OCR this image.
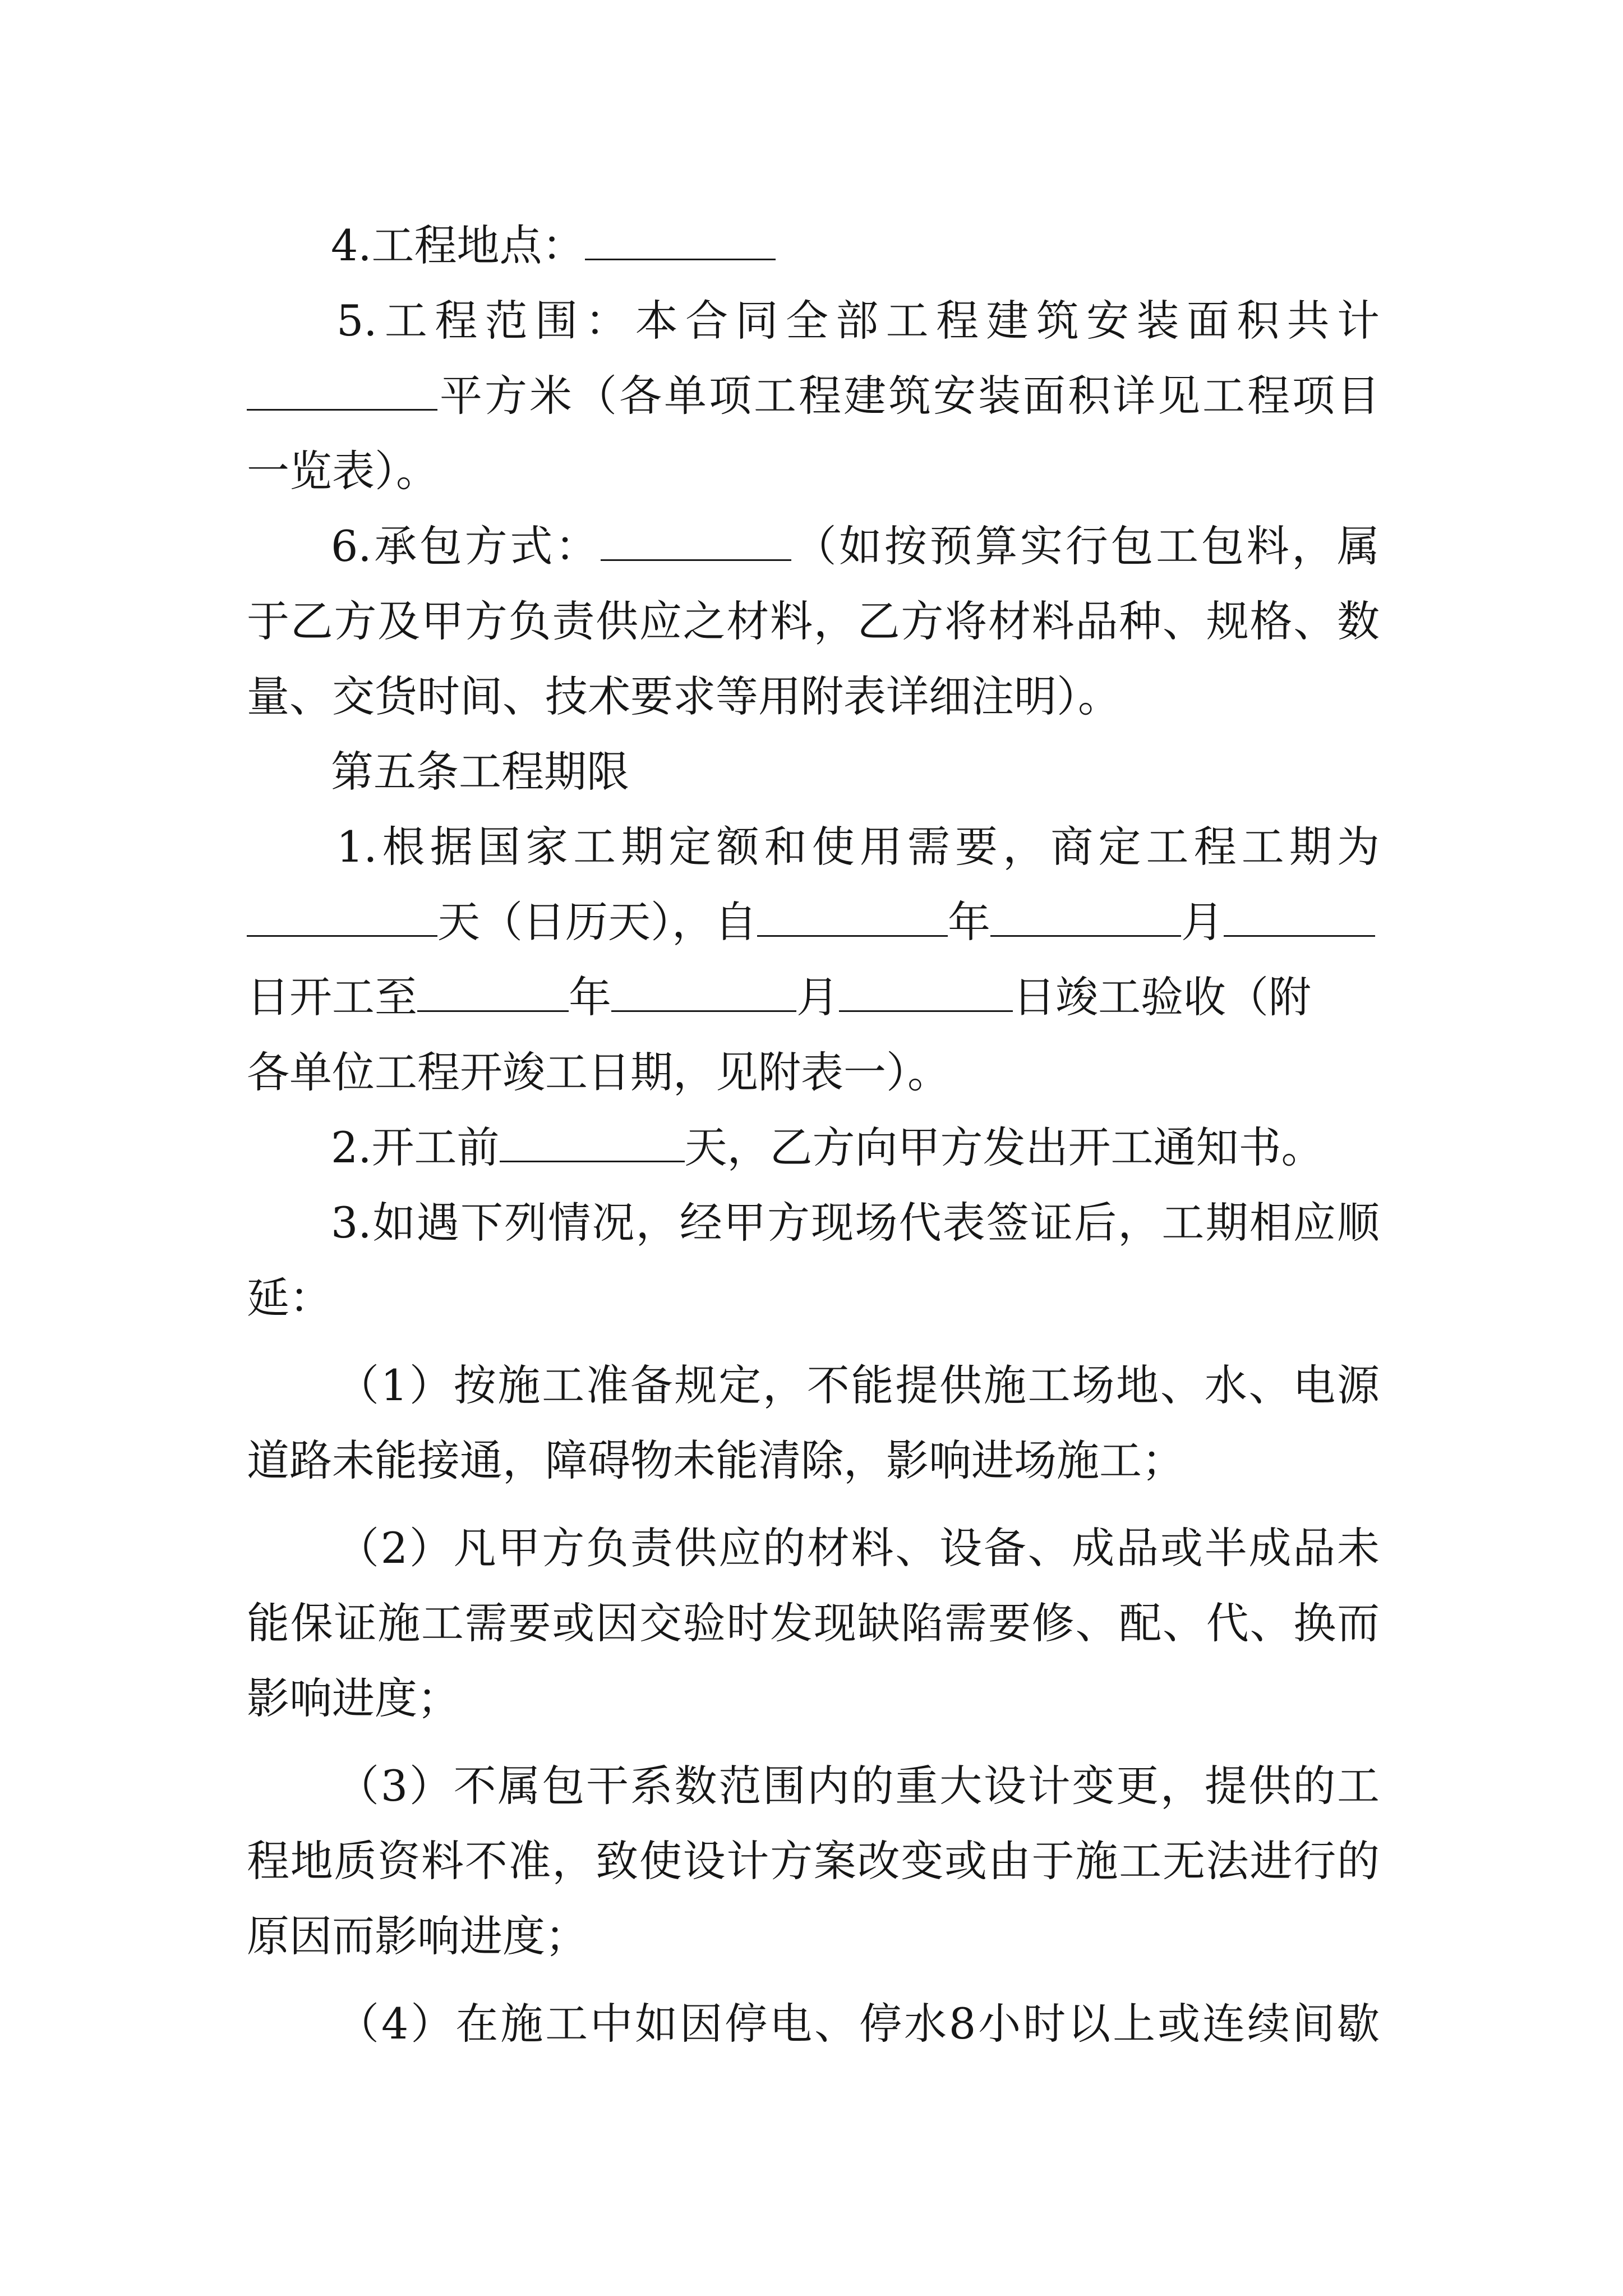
4.工程地点：
5.工程范围：本合同全部工程建筑安装面积共计
平方米（各单项工程建筑安装面积详见工程项目
一览表）。
6.承包方式：	（如按预算实行包工包料，属
于乙方及甲方负责供应之材料，乙方将材料品种、规格、数
量、交货时间、技术要求等用附表详细注明）。
第五条工程期限
1.根据国家工期定额和使用需要，商定工程工期为
天（日历天），自	年	月
日开工至	年	月	日竣工验收（附
各单位工程开竣工日期，见附表一）。
2.开工前	天，乙方向甲方发出开工通知书。
3.如遇下列情况，经甲方现场代表签证后，工期相应顺
延：
（1）按施工准备规定，不能提供施工场地、水、电源
道路未能接通，障碍物未能清除，影响进场施工；
（2）凡甲方负责供应的材料、设备、成品或半成品未
能保证施工需要或因交验时发现缺陷需要修、配、代、换而
影响进度；
（3）不属包干系数范围内的重大设计变更，提供的工
程地质资料不准，致使设计方案改变或由于施工无法进行的
原因而影响进度；
（4）在施工中如因停电、停水8小时以上或连续间歇
